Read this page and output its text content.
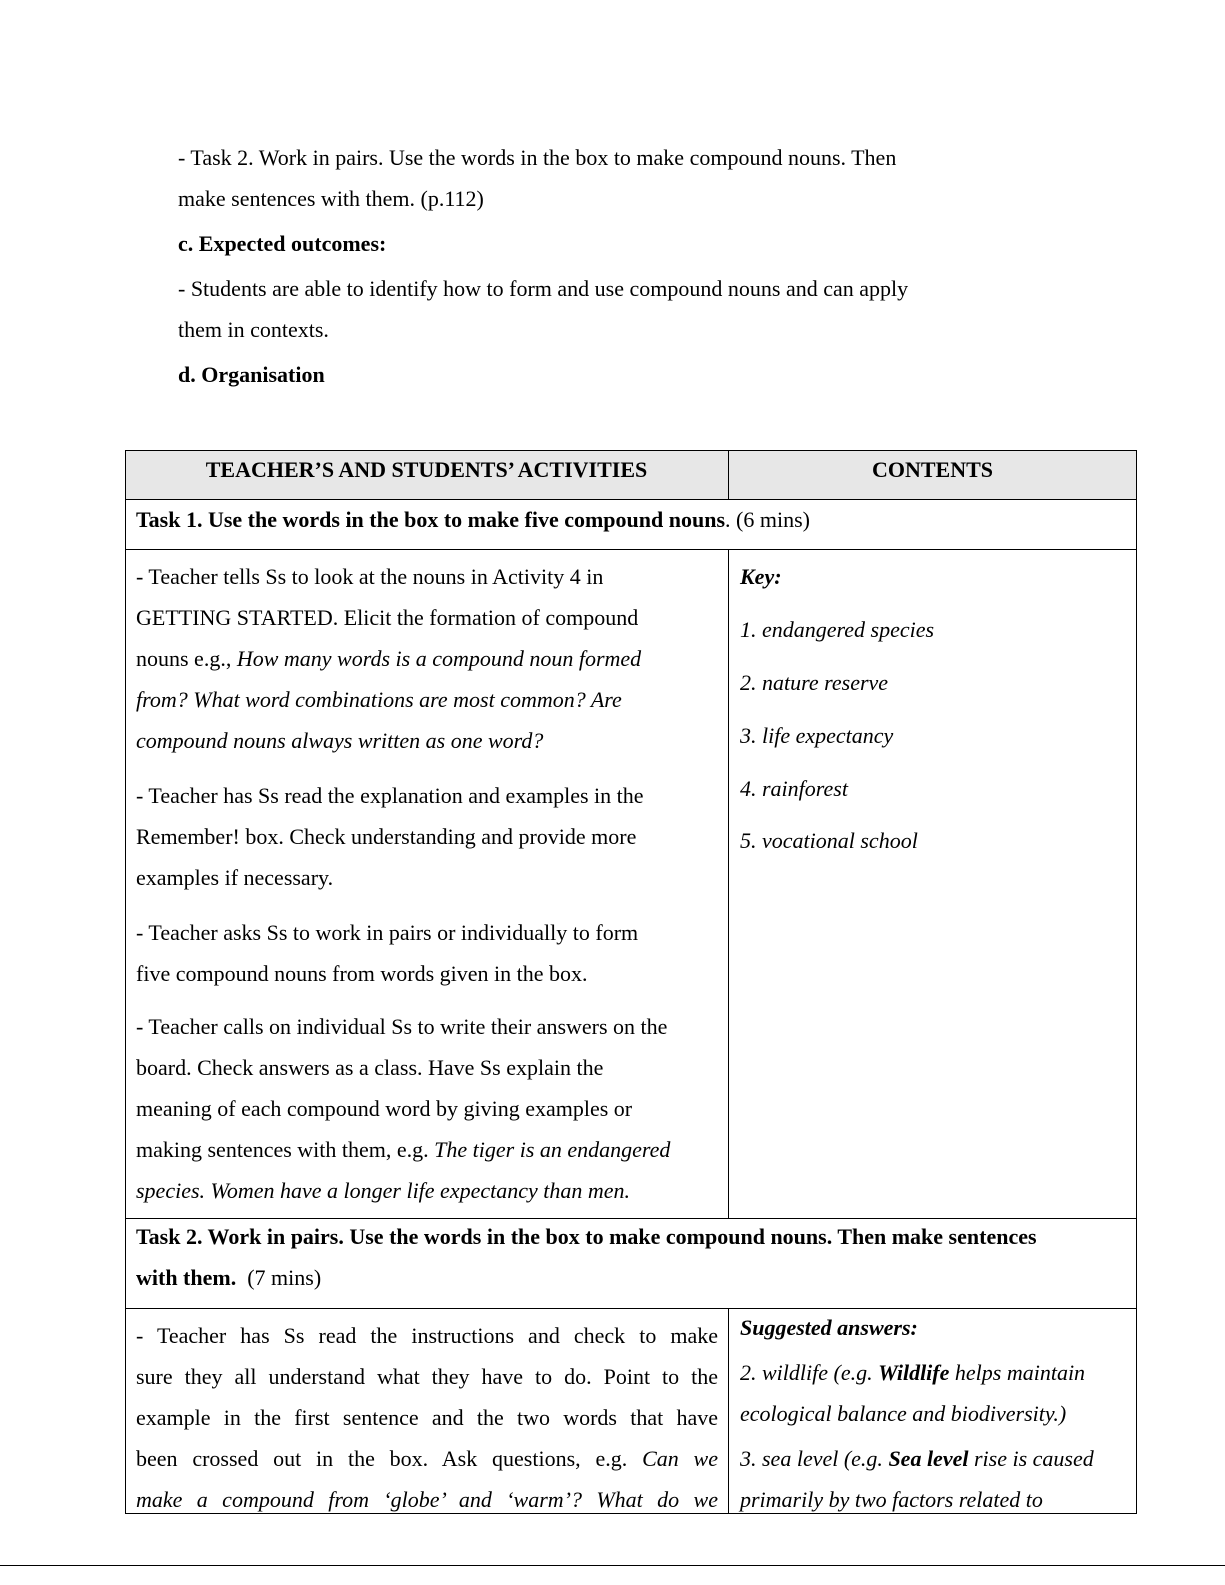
- Task 2. Work in pairs. Use the words in the box to make compound nouns. Then
make sentences with them. (p.112)
c. Expected outcomes:
- Students are able to identify how to form and use compound nouns and can apply
them in contexts.
d. Organisation
TEACHER’S AND STUDENTS’ ACTIVITIES	CONTENTS
Task 1. Use the words in the box to make five compound nouns. (6 mins)
- Teacher tells Ss to look at the nouns in Activity 4 in
GETTING STARTED. Elicit the formation of compound
nouns e.g., How many words is a compound noun formed
from? What word combinations are most common? Are
compound nouns always written as one word?
- Teacher has Ss read the explanation and examples in the
Remember! box. Check understanding and provide more
examples if necessary.
- Teacher asks Ss to work in pairs or individually to form
five compound nouns from words given in the box.
- Teacher calls on individual Ss to write their answers on the
board. Check answers as a class. Have Ss explain the
meaning of each compound word by giving examples or
making sentences with them, e.g. The tiger is an endangered
species. Women have a longer life expectancy than men.
Key:
1. endangered species
2. nature reserve
3. life expectancy
4. rainforest
5. vocational school
Task 2. Work in pairs. Use the words in the box to make compound nouns. Then make sentences
with them.  (7 mins)
- Teacher has Ss read the instructions and check to make
sure they all understand what they have to do. Point to the
example in the first sentence and the two words that have
been crossed out in the box. Ask questions, e.g. Can we
make a compound from ‘globe’ and ‘warm’? What do we
Suggested answers:
2. wildlife (e.g. Wildlife helps maintain
ecological balance and biodiversity.)
3. sea level (e.g. Sea level rise is caused
primarily by two factors related to
